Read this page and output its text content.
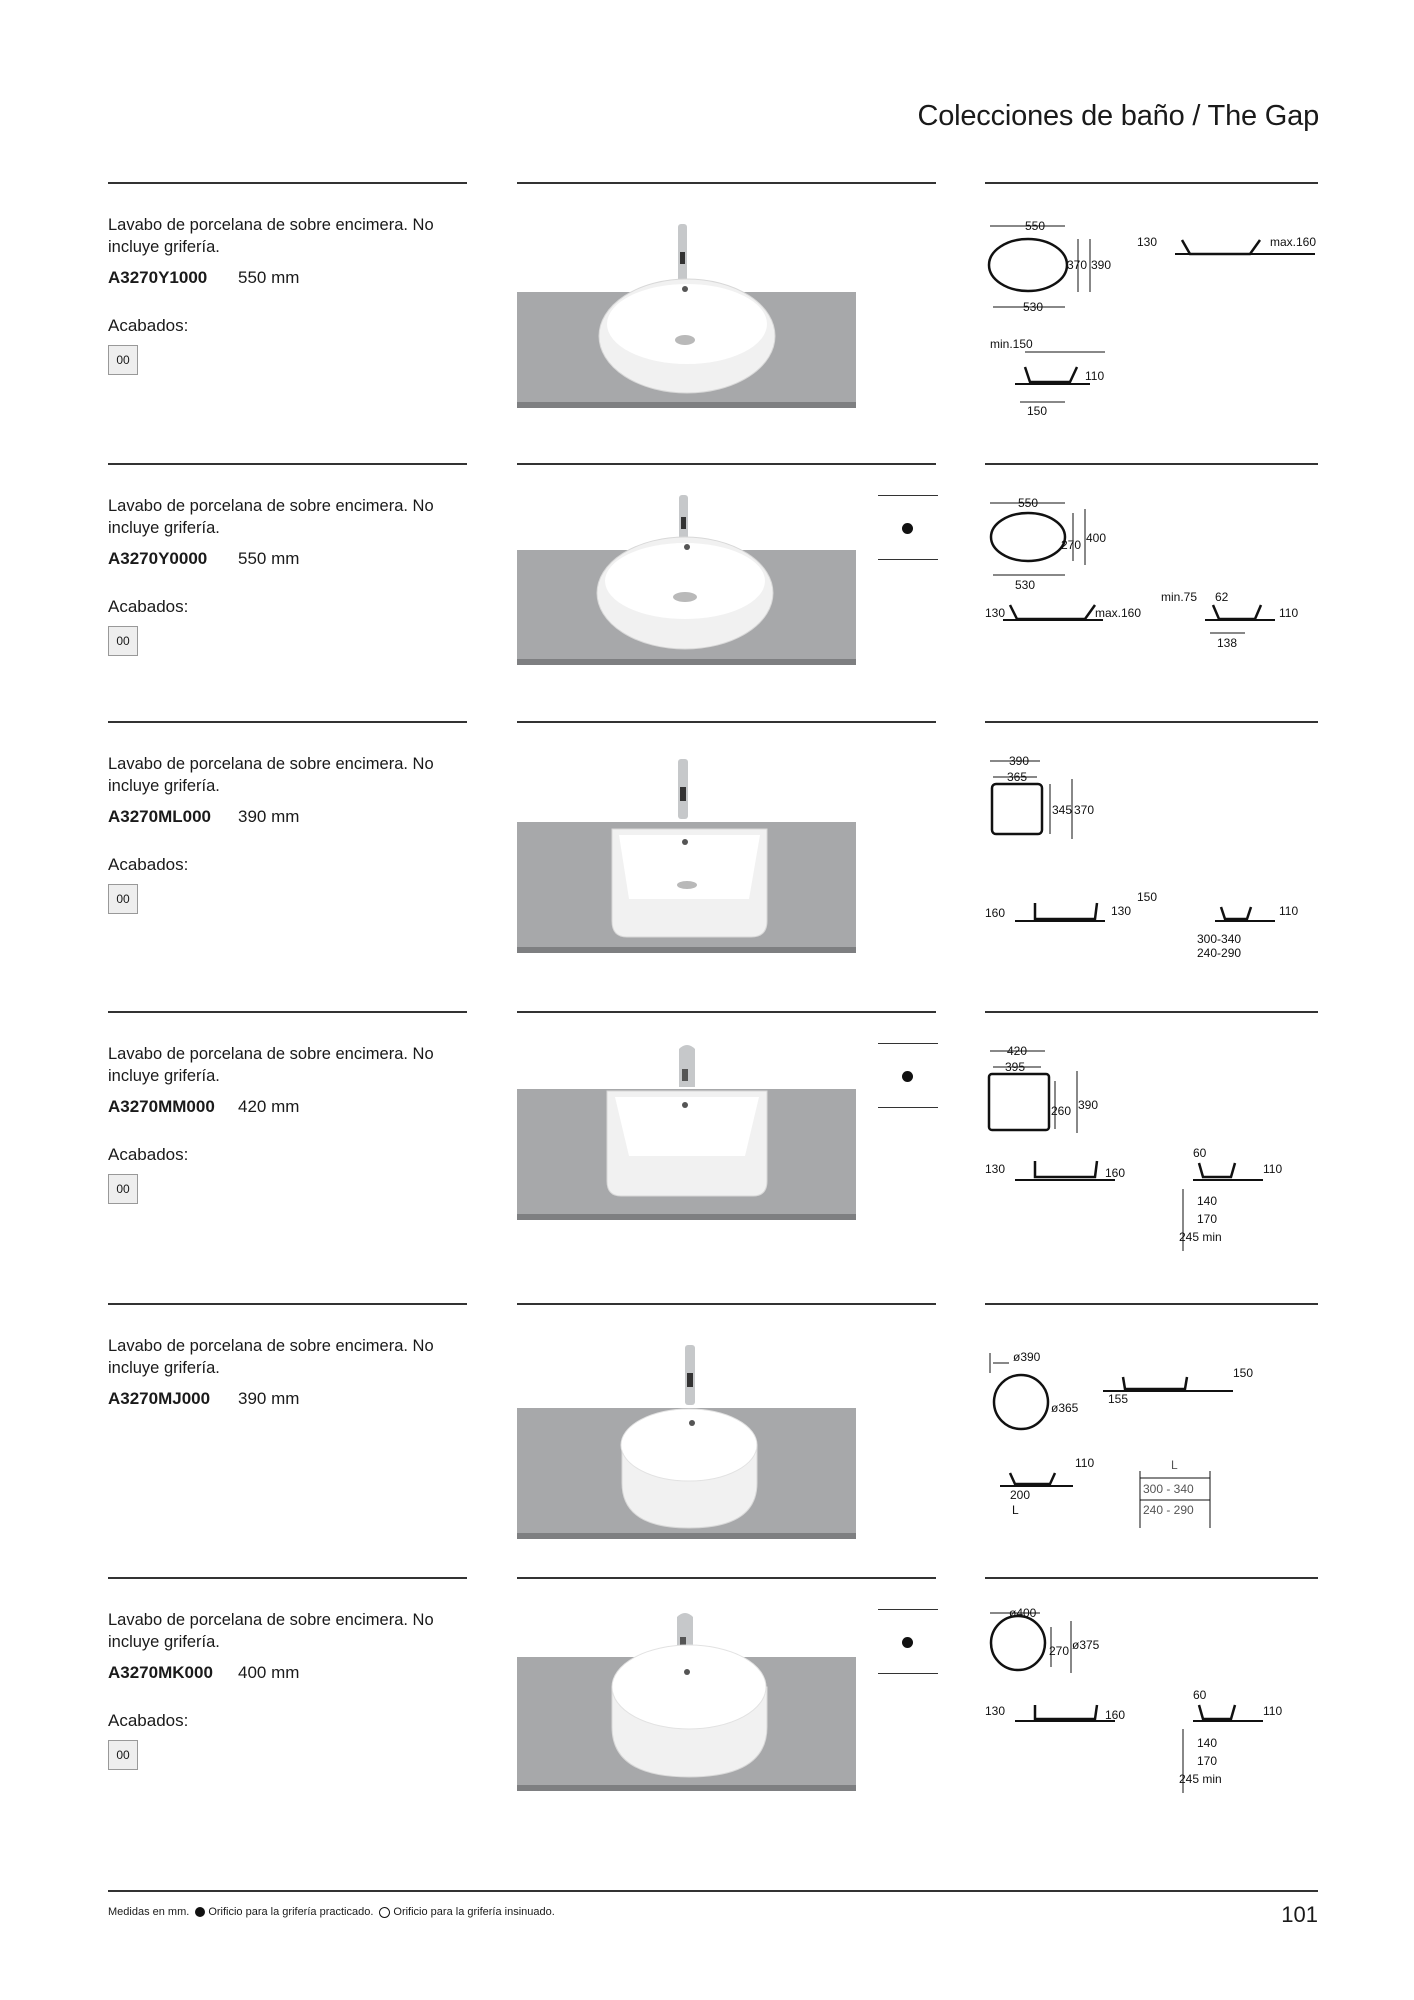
Colecciones de baño / The Gap
Lavabo de porcelana de sobre encimera. No incluye grifería.
A3270Y1000 550 mm
Acabados:
00
550
370 390
530
130	max.160
min.150
110
150
Lavabo de porcelana de sobre encimera. No incluye grifería.
A3270Y0000 550 mm
Acabados:
00
550
270 400
530
130	max.160
min.75 62
110
138
Lavabo de porcelana de sobre encimera. No incluye grifería.
A3270ML000 390 mm
Acabados:
00
390
365
345 370
150
160	130	110
300-340
240-290
Lavabo de porcelana de sobre encimera. No incluye grifería.
A3270MM000 420 mm
Acabados:
00
420
395
260 390
130	160
60
110
140
170
245 min
Lavabo de porcelana de sobre encimera. No incluye grifería.
A3270MJ000 390 mm
ø390
ø365
155
150
110
200
L
L
300 - 340
240 - 290
Lavabo de porcelana de sobre encimera. No incluye grifería.
A3270MK000 400 mm
Acabados:
00
ø400
270 ø375
130	160
60
110
140
170
245 min
Medidas en mm. Orificio para la grifería practicado. Orificio para la grifería insinuado.	101
